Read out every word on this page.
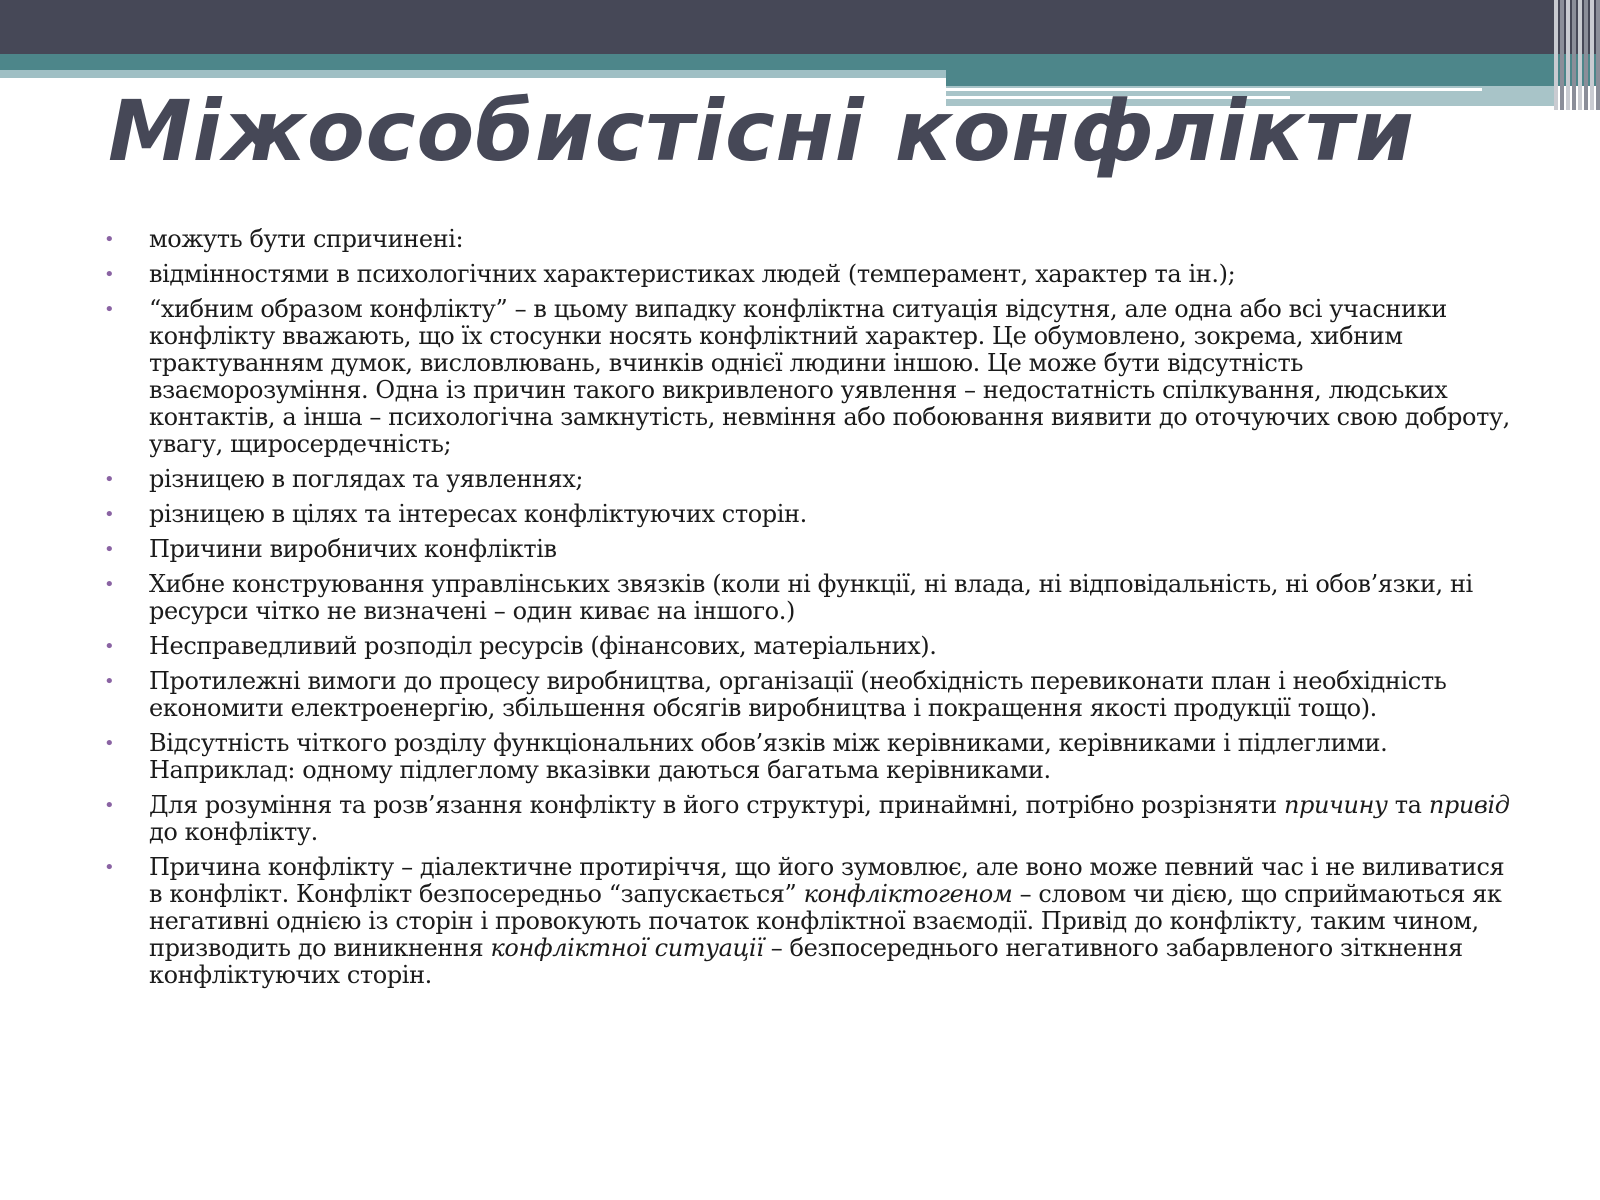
Міжособистісні конфлікти
• можуть бути спричинені:
• відмінностями в психологічних характеристиках людей (темперамент, характер та ін.);
• “хибним образом конфлікту” – в цьому випадку конфліктна ситуація відсутня, але одна або всі учасники конфлікту вважають, що їх стосунки носять конфліктний характер. Це обумовлено, зокрема, хибним трактуванням думок, висловлювань, вчинків однієї людини іншою. Це може бути відсутність взаєморозуміння. Одна із причин такого викривленого уявлення – недостатність спілкування, людських контактів, а інша – психологічна замкнутість, невміння або побоювання виявити до оточуючих свою доброту, увагу, щиросердечність;
• різницею в поглядах та уявленнях;
• різницею в цілях та інтересах конфліктуючих сторін.
• Причини виробничих конфліктів
• Хибне конструювання управлінських звязків (коли ні функції, ні влада, ні відповідальність, ні обов’язки, ні ресурси чітко не визначені – один киває на іншого.)
• Несправедливий розподіл ресурсів (фінансових, матеріальних).
• Протилежні вимоги до процесу виробництва, організації (необхідність перевиконати план і необхідність економити електроенергію, збільшення обсягів виробництва і покращення якості продукції тощо).
• Відсутність чіткого розділу функціональних обов’язків між керівниками, керівниками і підлеглими. Наприклад: одному підлеглому вказівки даються багатьма керівниками.
• Для розуміння та розв’язання конфлікту в його структурі, принаймні, потрібно розрізняти причину та привід до конфлікту.
• Причина конфлікту – діалектичне протиріччя, що його зумовлює, але воно може певний час і не виливатися в конфлікт. Конфлікт безпосередньо “запускається” конфліктогеном – словом чи дією, що сприймаються як негативні однією із сторін і провокують початок конфліктної взаємодії. Привід до конфлікту, таким чином, призводить до виникнення конфліктної ситуації – безпосереднього негативного забарвленого зіткнення конфліктуючих сторін.
